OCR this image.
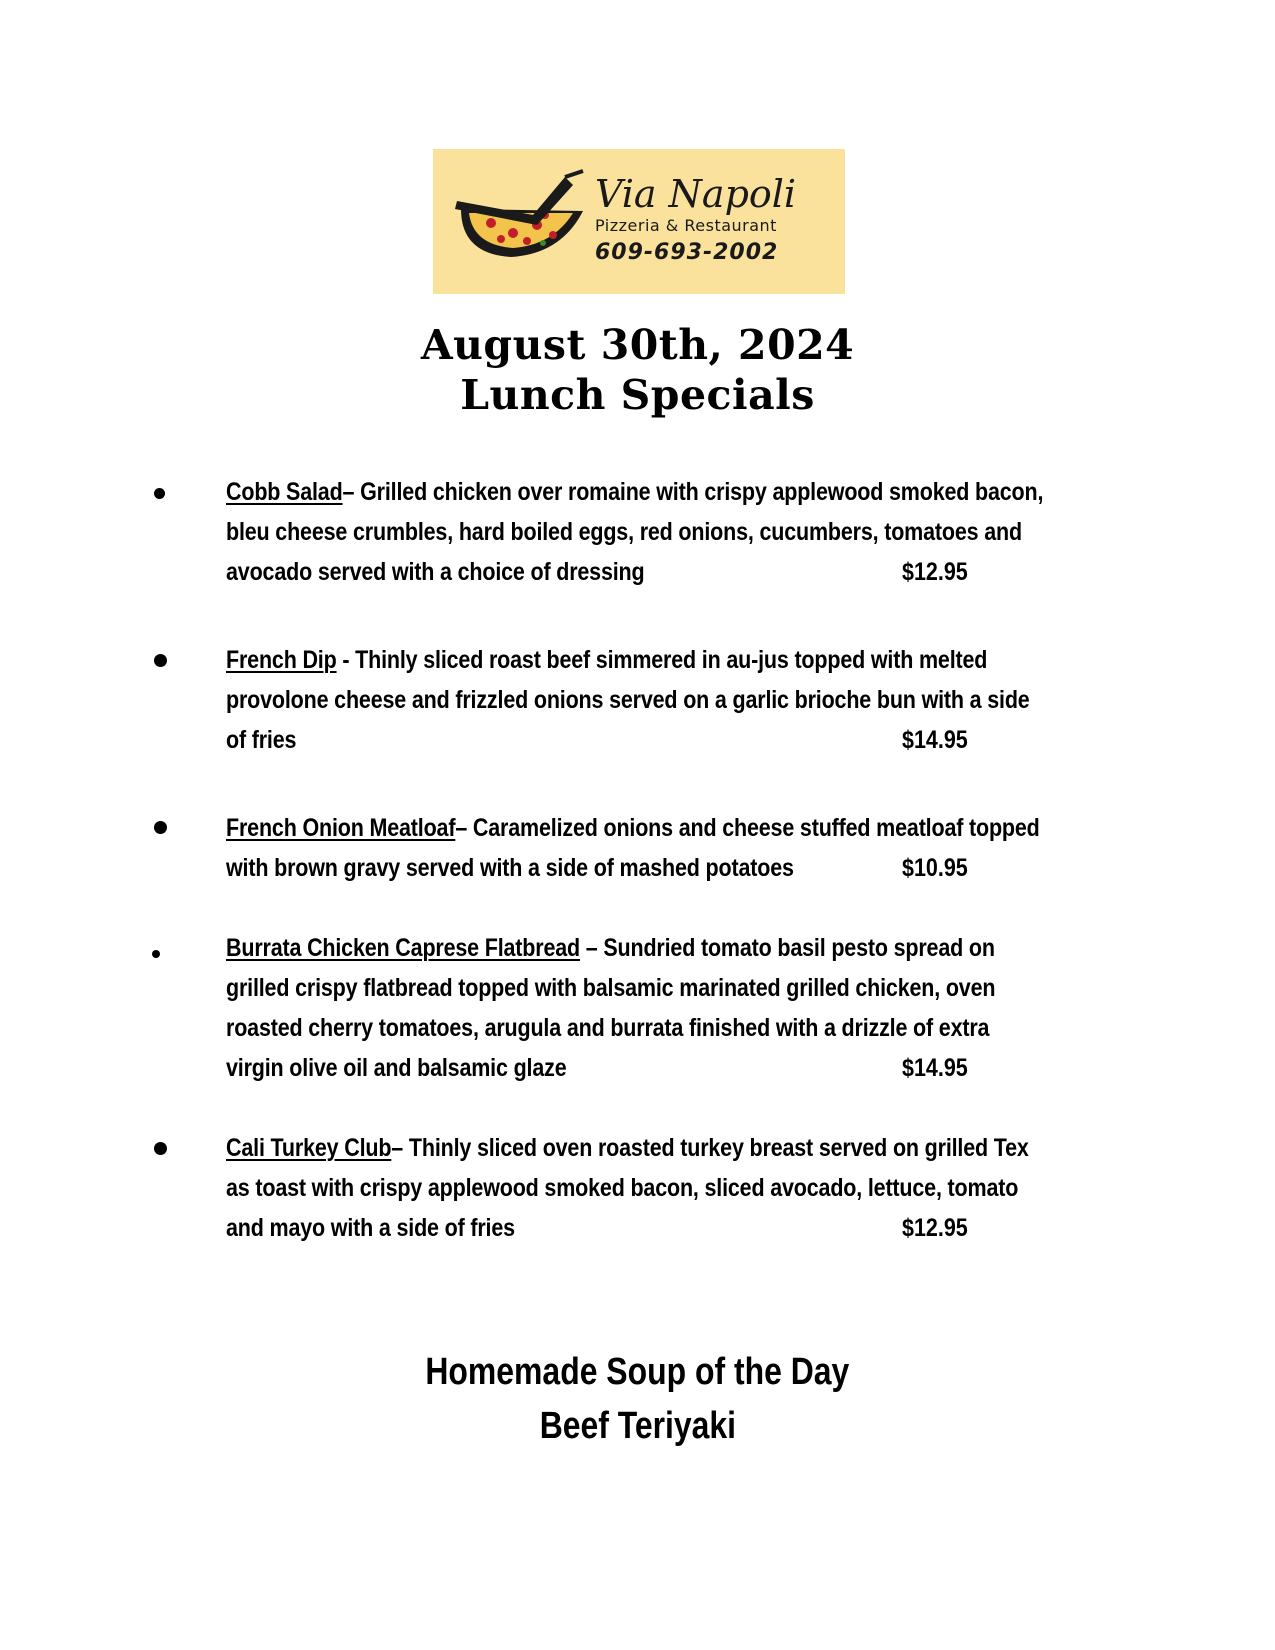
Via Napoli
Pizzeria & Restaurant
609-693-2002
August 30th, 2024
Lunch Specials
Cobb Salad– Grilled chicken over romaine with crispy applewood smoked bacon,
bleu cheese crumbles, hard boiled eggs, red onions, cucumbers, tomatoes and
avocado served with a choice of dressing	$12.95
French Dip - Thinly sliced roast beef simmered in au-jus topped with melted
provolone cheese and frizzled onions served on a garlic brioche bun with a side
of fries	$14.95
French Onion Meatloaf– Caramelized onions and cheese stuffed meatloaf topped
with brown gravy served with a side of mashed potatoes	$10.95
Burrata Chicken Caprese Flatbread – Sundried tomato basil pesto spread on
grilled crispy flatbread topped with balsamic marinated grilled chicken, oven
roasted cherry tomatoes, arugula and burrata finished with a drizzle of extra
virgin olive oil and balsamic glaze	$14.95
Cali Turkey Club– Thinly sliced oven roasted turkey breast served on grilled Tex
as toast with crispy applewood smoked bacon, sliced avocado, lettuce, tomato
and mayo with a side of fries	$12.95
Homemade Soup of the Day
Beef Teriyaki
